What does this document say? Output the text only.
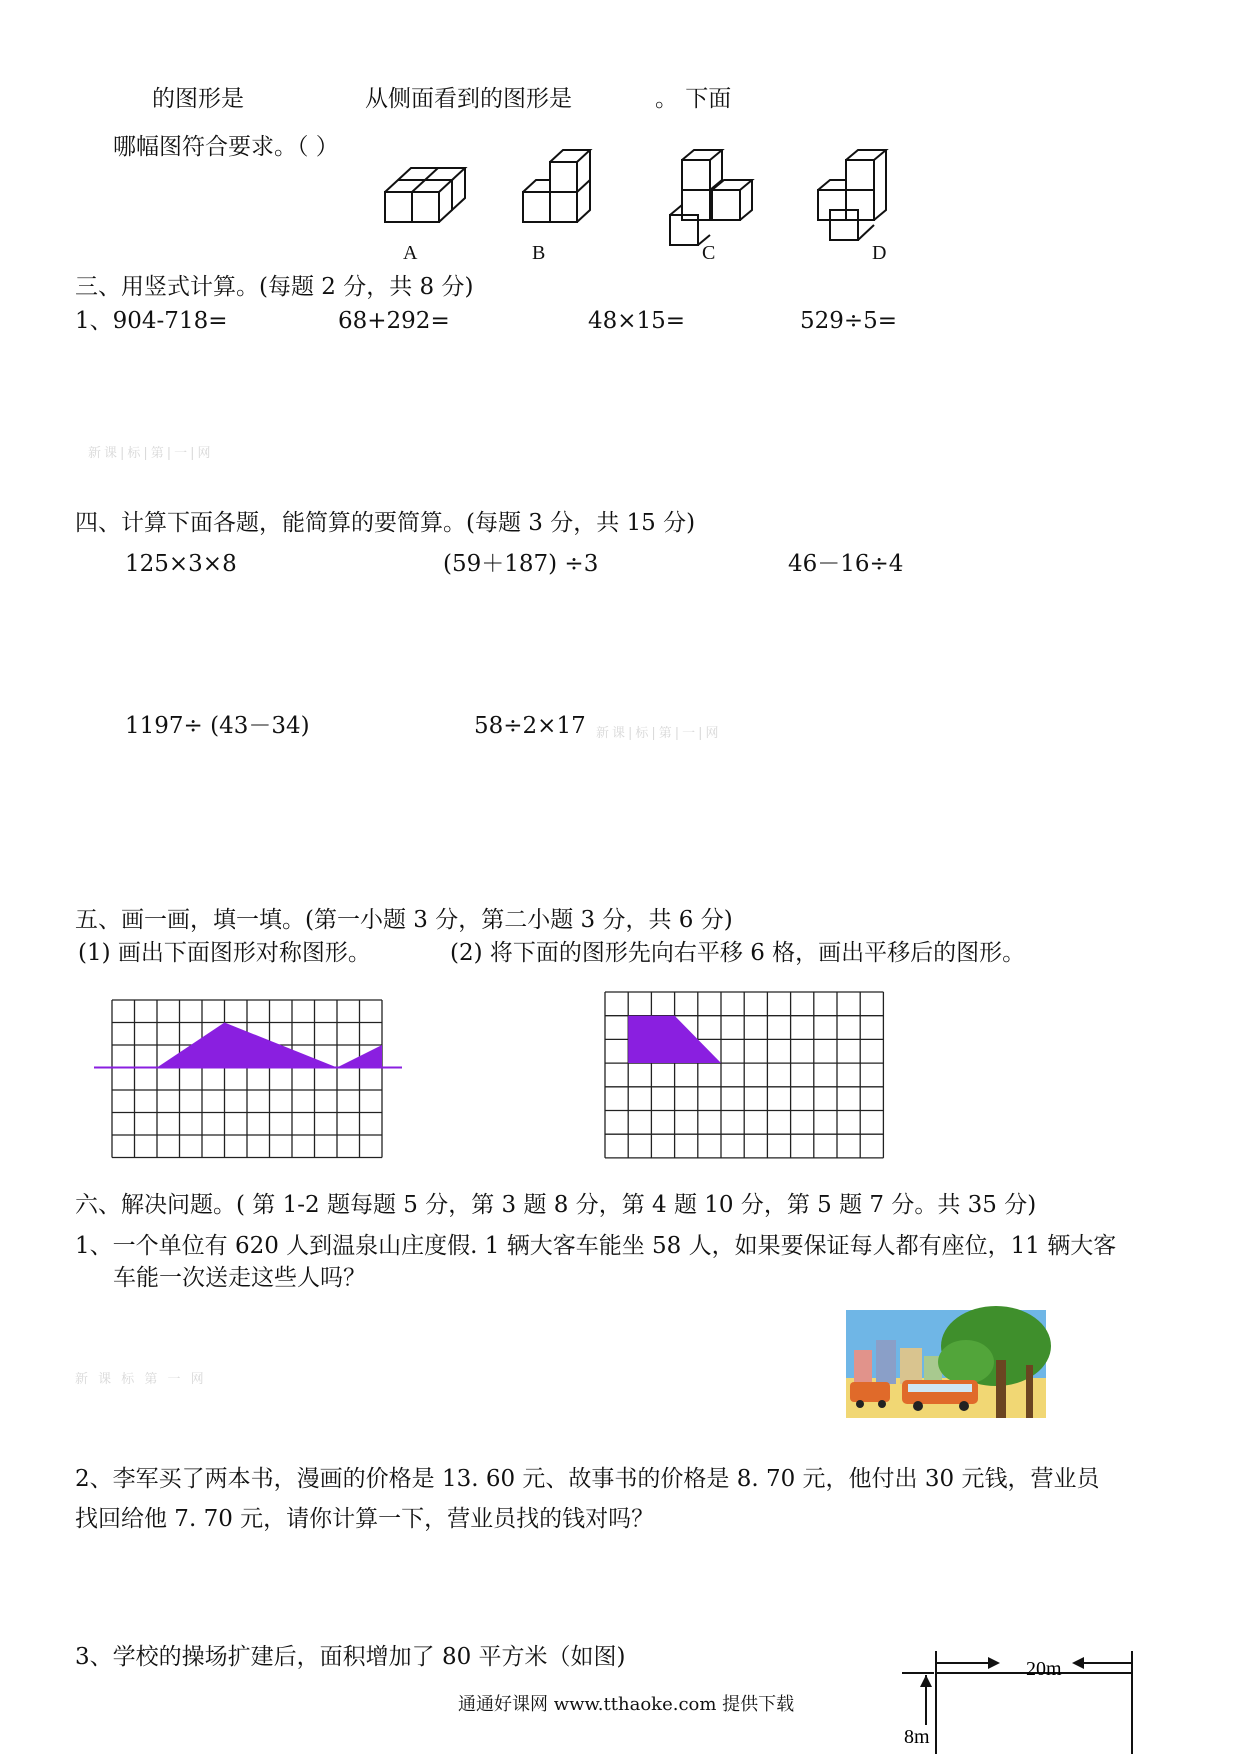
的图形是	从侧面看到的图形是	。 下面
哪幅图符合要求。（ ）
A	B	C	D
三、用竖式计算。(每题 2 分，共 8 分)
1、904-718=	68+292=	48×15=	529÷5=
新课|标|第|一|网
四、计算下面各题，能简算的要简算。(每题 3 分，共 15 分)
125×3×8	(59＋187) ÷3	46－16÷4
1197÷ (43－34)	58÷2×17 新课|标|第|一|网
五、画一画，填一填。(第一小题 3 分，第二小题 3 分，共 6 分)
(1) 画出下面图形对称图形。	(2) 将下面的图形先向右平移 6 格，画出平移后的图形。
六、解决问题。( 第 1-2 题每题 5 分，第 3 题 8 分，第 4 题 10 分，第 5 题 7 分。共 35 分)
1、一个单位有 620 人到温泉山庄度假. 1 辆大客车能坐 58 人，如果要保证每人都有座位，11 辆大客
车能一次送走这些人吗？
新 课 标 第 一 网
2、李军买了两本书，漫画的价格是 13. 60 元、故事书的价格是 8. 70 元，他付出 30 元钱，营业员
找回给他 7. 70 元，请你计算一下，营业员找的钱对吗？
3、学校的操场扩建后，面积增加了 80 平方米（如图)	20m
8m
通通好课网 www.tthaoke.com 提供下载
